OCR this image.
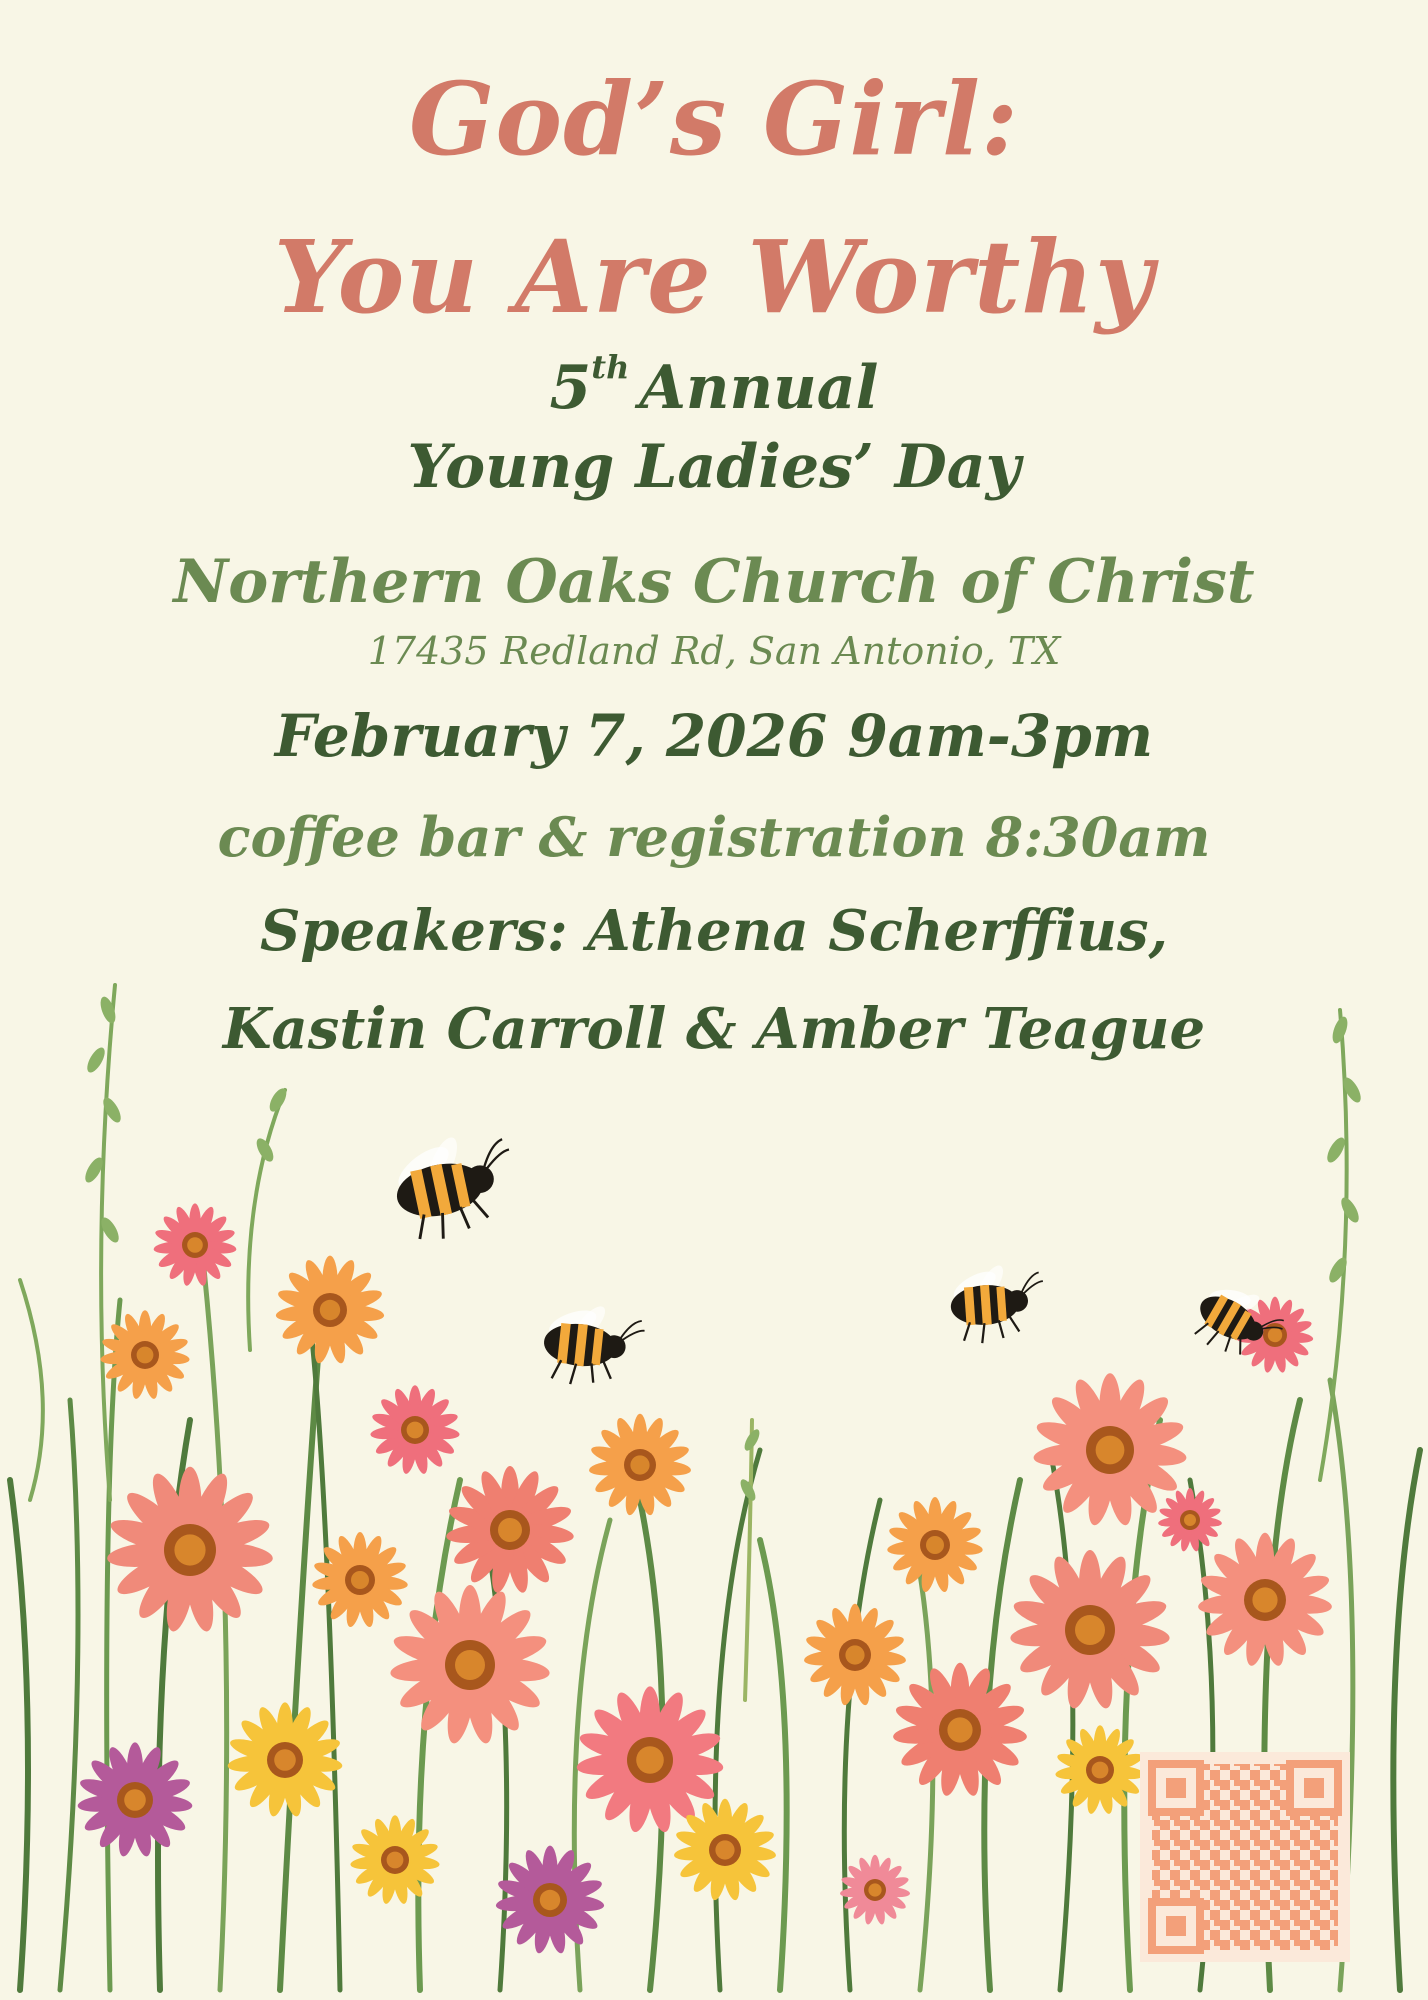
God’s Girl:
You Are Worthy
5th Annual
Young Ladies’ Day
Northern Oaks Church of Christ
17435 Redland Rd, San Antonio, TX
February 7, 2026 9am-3pm
coffee bar & registration 8:30am
Speakers: Athena Scherffius,
Kastin Carroll & Amber Teague
